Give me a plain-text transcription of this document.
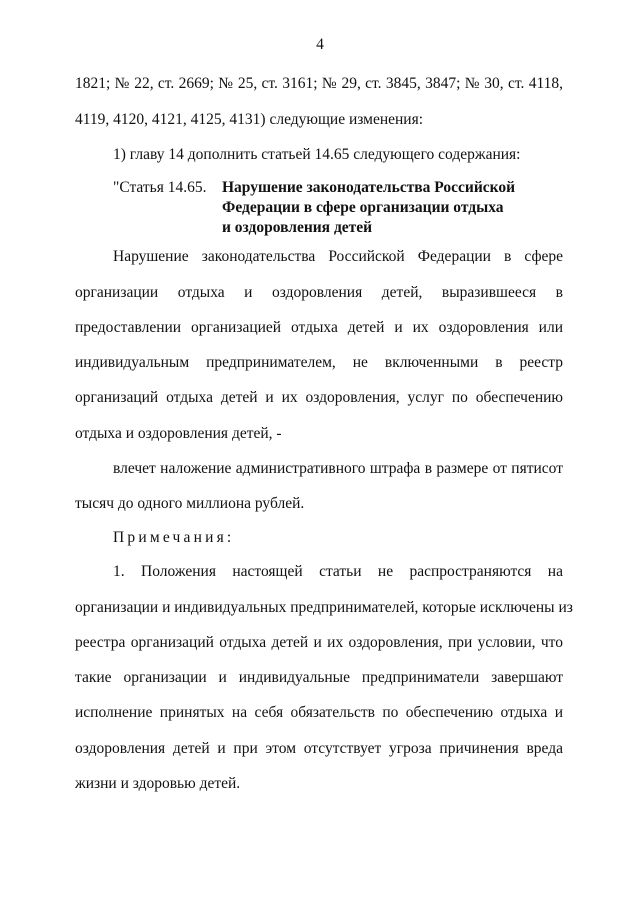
4
1821; № 22, ст. 2669; № 25, ст. 3161; № 29, ст. 3845, 3847; № 30, ст. 4118,
4119, 4120, 4121, 4125, 4131) следующие изменения:
1) главу 14 дополнить статьей 14.65 следующего содержания:
"Статья 14.65. Нарушение законодательства Российской
Федерации в сфере организации отдыха
и оздоровления детей
Нарушение законодательства Российской Федерации в сфере
организации отдыха и оздоровления детей, выразившееся в
предоставлении организацией отдыха детей и их оздоровления или
индивидуальным предпринимателем, не включенными в реестр
организаций отдыха детей и их оздоровления, услуг по обеспечению
отдыха и оздоровления детей, -
влечет наложение административного штрафа в размере от пятисот
тысяч до одного миллиона рублей.
Примечания:
1. Положения настоящей статьи не распространяются на
организации и индивидуальных предпринимателей, которые исключены из
реестра организаций отдыха детей и их оздоровления, при условии, что
такие организации и индивидуальные предприниматели завершают
исполнение принятых на себя обязательств по обеспечению отдыха и
оздоровления детей и при этом отсутствует угроза причинения вреда
жизни и здоровью детей.
